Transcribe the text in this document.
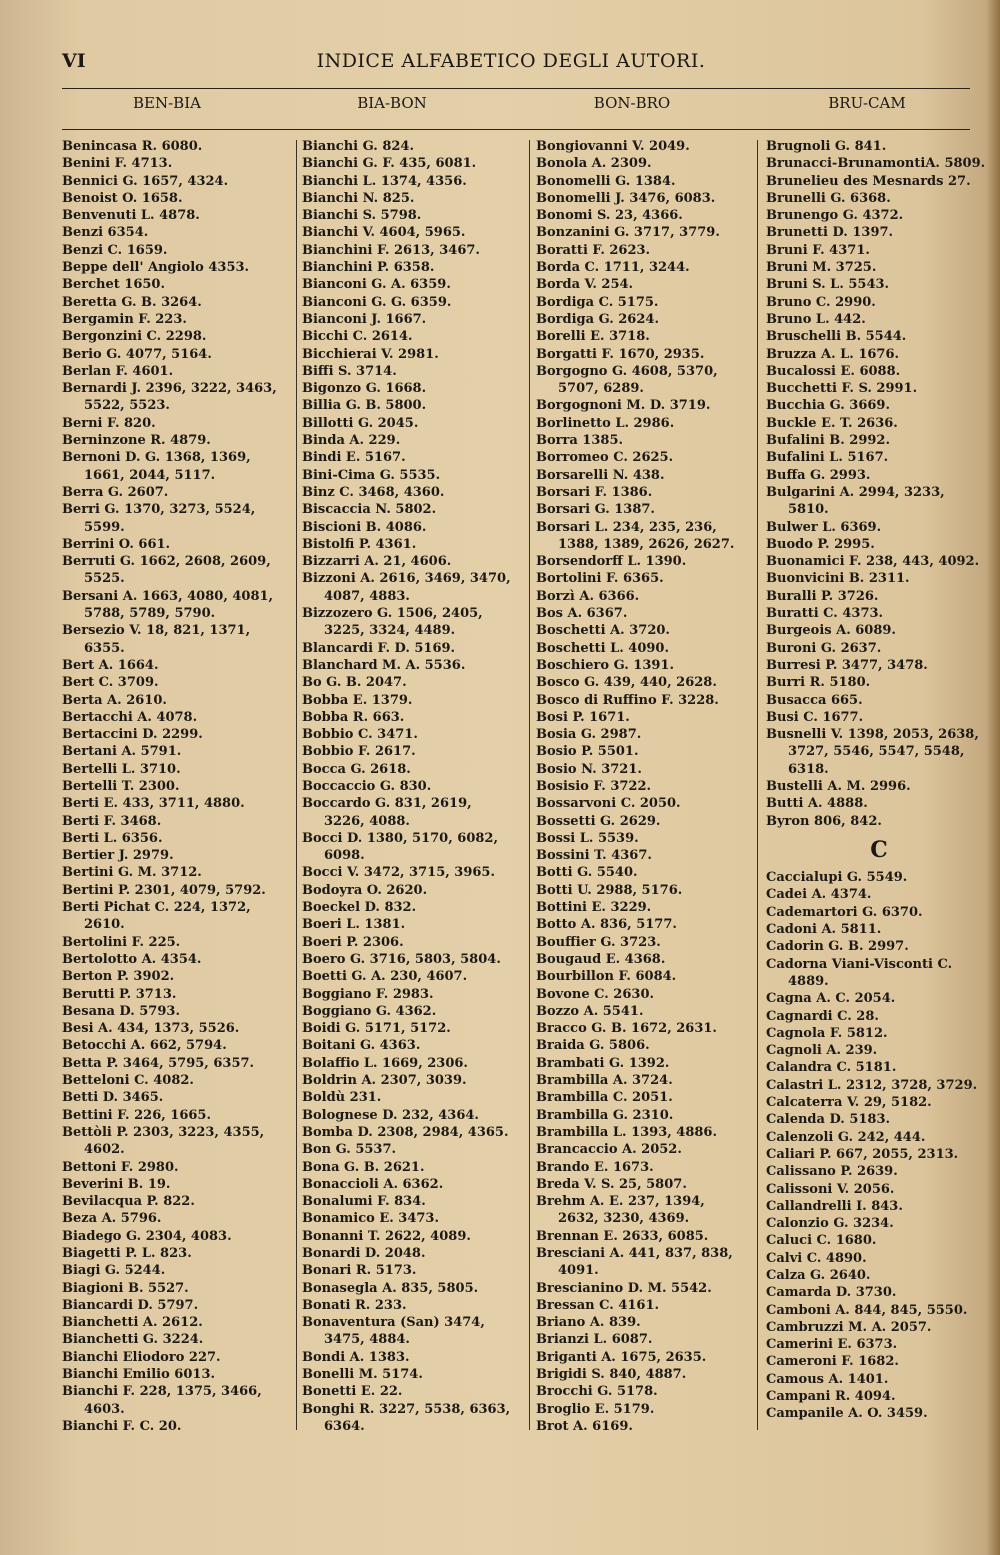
VI	INDICE ALFABETICO DEGLI AUTORI.
BEN-BIA	BIA-BON	BON-BRO	BRU-CAM
Benincasa R. 6080.
Benini F. 4713.
Bennici G. 1657, 4324.
Benoist O. 1658.
Benvenuti L. 4878.
Benzi 6354.
Benzi C. 1659.
Beppe dell' Angiolo 4353.
Berchet 1650.
Beretta G. B. 3264.
Bergamin F. 223.
Bergonzini C. 2298.
Berio G. 4077, 5164.
Berlan F. 4601.
Bernardi J. 2396, 3222, 3463,
5522, 5523.
Berni F. 820.
Berninzone R. 4879.
Bernoni D. G. 1368, 1369,
1661, 2044, 5117.
Berra G. 2607.
Berri G. 1370, 3273, 5524,
5599.
Berrini O. 661.
Berruti G. 1662, 2608, 2609,
5525.
Bersani A. 1663, 4080, 4081,
5788, 5789, 5790.
Bersezio V. 18, 821, 1371,
6355.
Bert A. 1664.
Bert C. 3709.
Berta A. 2610.
Bertacchi A. 4078.
Bertaccini D. 2299.
Bertani A. 5791.
Bertelli L. 3710.
Bertelli T. 2300.
Berti E. 433, 3711, 4880.
Berti F. 3468.
Berti L. 6356.
Bertier J. 2979.
Bertini G. M. 3712.
Bertini P. 2301, 4079, 5792.
Berti Pichat C. 224, 1372,
2610.
Bertolini F. 225.
Bertolotto A. 4354.
Berton P. 3902.
Berutti P. 3713.
Besana D. 5793.
Besi A. 434, 1373, 5526.
Betocchi A. 662, 5794.
Betta P. 3464, 5795, 6357.
Betteloni C. 4082.
Betti D. 3465.
Bettini F. 226, 1665.
Bettòli P. 2303, 3223, 4355,
4602.
Bettoni F. 2980.
Beverini B. 19.
Bevilacqua P. 822.
Beza A. 5796.
Biadego G. 2304, 4083.
Biagetti P. L. 823.
Biagi G. 5244.
Biagioni B. 5527.
Biancardi D. 5797.
Bianchetti A. 2612.
Bianchetti G. 3224.
Bianchi Eliodoro 227.
Bianchi Emilio 6013.
Bianchi F. 228, 1375, 3466,
4603.
Bianchi F. C. 20.
Bianchi G. 824.
Bianchi G. F. 435, 6081.
Bianchi L. 1374, 4356.
Bianchi N. 825.
Bianchi S. 5798.
Bianchi V. 4604, 5965.
Bianchini F. 2613, 3467.
Bianchini P. 6358.
Bianconi G. A. 6359.
Bianconi G. G. 6359.
Bianconi J. 1667.
Bicchi C. 2614.
Bicchierai V. 2981.
Biffi S. 3714.
Bigonzo G. 1668.
Billia G. B. 5800.
Billotti G. 2045.
Binda A. 229.
Bindi E. 5167.
Bini-Cima G. 5535.
Binz C. 3468, 4360.
Biscaccia N. 5802.
Biscioni B. 4086.
Bistolfi P. 4361.
Bizzarri A. 21, 4606.
Bizzoni A. 2616, 3469, 3470,
4087, 4883.
Bizzozero G. 1506, 2405,
3225, 3324, 4489.
Blancardi F. D. 5169.
Blanchard M. A. 5536.
Bo G. B. 2047.
Bobba E. 1379.
Bobba R. 663.
Bobbio C. 3471.
Bobbio F. 2617.
Bocca G. 2618.
Boccaccio G. 830.
Boccardo G. 831, 2619,
3226, 4088.
Bocci D. 1380, 5170, 6082,
6098.
Bocci V. 3472, 3715, 3965.
Bodoyra O. 2620.
Boeckel D. 832.
Boeri L. 1381.
Boeri P. 2306.
Boero G. 3716, 5803, 5804.
Boetti G. A. 230, 4607.
Boggiano F. 2983.
Boggiano G. 4362.
Boidi G. 5171, 5172.
Boitani G. 4363.
Bolaffio L. 1669, 2306.
Boldrin A. 2307, 3039.
Boldù 231.
Bolognese D. 232, 4364.
Bomba D. 2308, 2984, 4365.
Bon G. 5537.
Bona G. B. 2621.
Bonaccioli A. 6362.
Bonalumi F. 834.
Bonamico E. 3473.
Bonanni T. 2622, 4089.
Bonardi D. 2048.
Bonari R. 5173.
Bonasegla A. 835, 5805.
Bonati R. 233.
Bonaventura (San) 3474,
3475, 4884.
Bondi A. 1383.
Bonelli M. 5174.
Bonetti E. 22.
Bonghi R. 3227, 5538, 6363,
6364.
Bongiovanni V. 2049.
Bonola A. 2309.
Bonomelli G. 1384.
Bonomelli J. 3476, 6083.
Bonomi S. 23, 4366.
Bonzanini G. 3717, 3779.
Boratti F. 2623.
Borda C. 1711, 3244.
Borda V. 254.
Bordiga C. 5175.
Bordiga G. 2624.
Borelli E. 3718.
Borgatti F. 1670, 2935.
Borgogno G. 4608, 5370,
5707, 6289.
Borgognoni M. D. 3719.
Borlinetto L. 2986.
Borra 1385.
Borromeo C. 2625.
Borsarelli N. 438.
Borsari F. 1386.
Borsari G. 1387.
Borsari L. 234, 235, 236,
1388, 1389, 2626, 2627.
Borsendorff L. 1390.
Bortolini F. 6365.
Borzì A. 6366.
Bos A. 6367.
Boschetti A. 3720.
Boschetti L. 4090.
Boschiero G. 1391.
Bosco G. 439, 440, 2628.
Bosco di Ruffino F. 3228.
Bosi P. 1671.
Bosia G. 2987.
Bosio P. 5501.
Bosio N. 3721.
Bosisio F. 3722.
Bossarvoni C. 2050.
Bossetti G. 2629.
Bossi L. 5539.
Bossini T. 4367.
Botti G. 5540.
Botti U. 2988, 5176.
Bottini E. 3229.
Botto A. 836, 5177.
Bouffier G. 3723.
Bougaud E. 4368.
Bourbillon F. 6084.
Bovone C. 2630.
Bozzo A. 5541.
Bracco G. B. 1672, 2631.
Braida G. 5806.
Brambati G. 1392.
Brambilla A. 3724.
Brambilla C. 2051.
Brambilla G. 2310.
Brambilla L. 1393, 4886.
Brancaccio A. 2052.
Brando E. 1673.
Breda V. S. 25, 5807.
Brehm A. E. 237, 1394,
2632, 3230, 4369.
Brennan E. 2633, 6085.
Bresciani A. 441, 837, 838,
4091.
Brescianino D. M. 5542.
Bressan C. 4161.
Briano A. 839.
Brianzi L. 6087.
Briganti A. 1675, 2635.
Brigidi S. 840, 4887.
Brocchi G. 5178.
Broglio E. 5179.
Brot A. 6169.
Brugnoli G. 841.
Brunacci-BrunamontiA. 5809.
Brunelieu des Mesnards 27.
Brunelli G. 6368.
Brunengo G. 4372.
Brunetti D. 1397.
Bruni F. 4371.
Bruni M. 3725.
Bruni S. L. 5543.
Bruno C. 2990.
Bruno L. 442.
Bruschelli B. 5544.
Bruzza A. L. 1676.
Bucalossi E. 6088.
Bucchetti F. S. 2991.
Bucchia G. 3669.
Buckle E. T. 2636.
Bufalini B. 2992.
Bufalini L. 5167.
Buffa G. 2993.
Bulgarini A. 2994, 3233,
5810.
Bulwer L. 6369.
Buodo P. 2995.
Buonamici F. 238, 443, 4092.
Buonvicini B. 2311.
Buralli P. 3726.
Buratti C. 4373.
Burgeois A. 6089.
Buroni G. 2637.
Burresi P. 3477, 3478.
Burri R. 5180.
Busacca 665.
Busi C. 1677.
Busnelli V. 1398, 2053, 2638,
3727, 5546, 5547, 5548,
6318.
Bustelli A. M. 2996.
Butti A. 4888.
Byron 806, 842.
C
Caccialupi G. 5549.
Cadei A. 4374.
Cademartori G. 6370.
Cadoni A. 5811.
Cadorin G. B. 2997.
Cadorna Viani-Visconti C.
4889.
Cagna A. C. 2054.
Cagnardi C. 28.
Cagnola F. 5812.
Cagnoli A. 239.
Calandra C. 5181.
Calastri L. 2312, 3728, 3729.
Calcaterra V. 29, 5182.
Calenda D. 5183.
Calenzoli G. 242, 444.
Caliari P. 667, 2055, 2313.
Calissano P. 2639.
Calissoni V. 2056.
Callandrelli I. 843.
Calonzio G. 3234.
Caluci C. 1680.
Calvi C. 4890.
Calza G. 2640.
Camarda D. 3730.
Camboni A. 844, 845, 5550.
Cambruzzi M. A. 2057.
Camerini E. 6373.
Cameroni F. 1682.
Camous A. 1401.
Campani R. 4094.
Campanile A. O. 3459.
